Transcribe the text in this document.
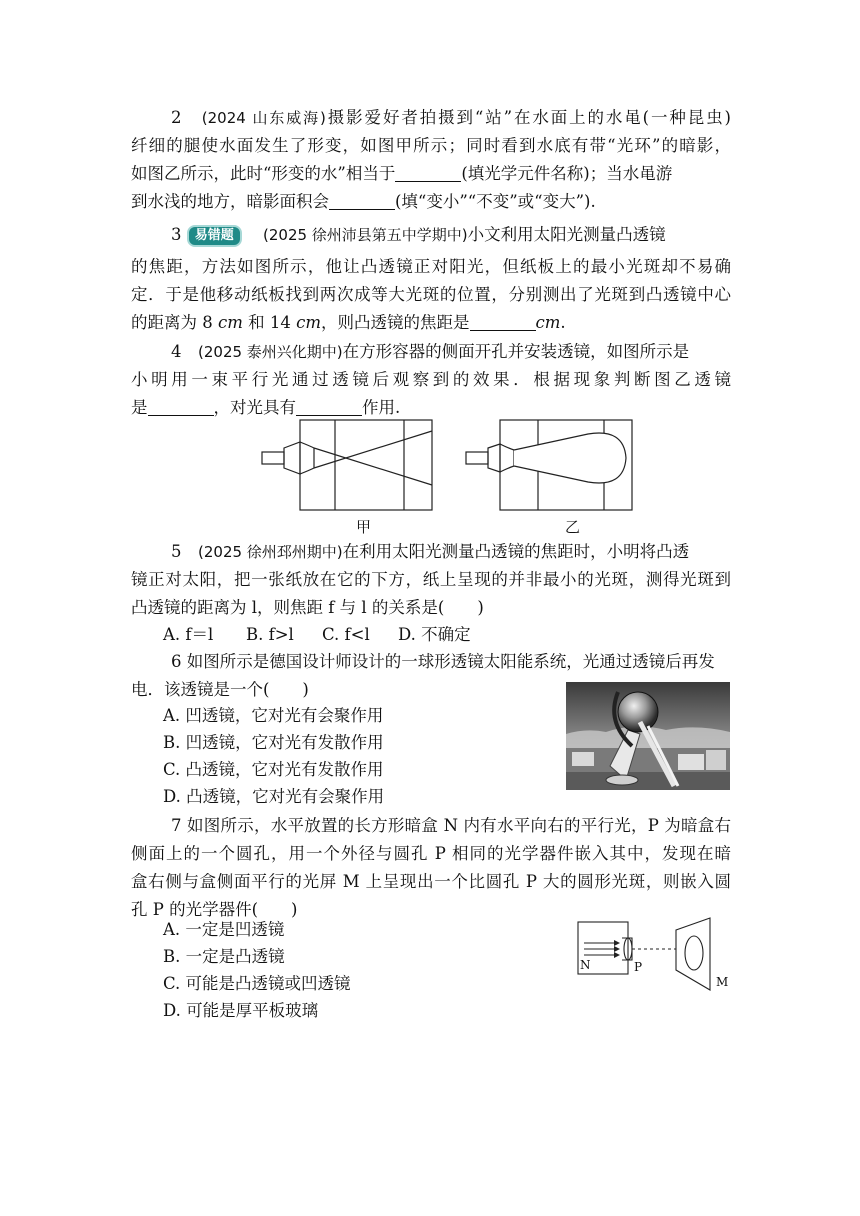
2　 (2024 山东威海)摄影爱好者拍摄到“站”在水面上的水黾(一种昆虫)
纤细的腿使水面发生了形变，如图甲所示；同时看到水底有带“光环”的暗影，
如图乙所示，此时“形变的水”相当于	(填光学元件名称)；当水黾游
到水浅的地方，暗影面积会	(填“变小”“不变”或“变大”).
3 易错题 (2025 徐州沛县第五中学期中)小文利用太阳光测量凸透镜
的焦距，方法如图所示，他让凸透镜正对阳光，但纸板上的最小光斑却不易确
定．于是他移动纸板找到两次成等大光斑的位置，分别测出了光斑到凸透镜中心
的距离为 8 cm 和 14 cm，则凸透镜的焦距是	cm.
4　 (2025 泰州兴化期中)在方形容器的侧面开孔并安装透镜，如图所示是
小明用一束平行光通过透镜后观察到的效果．根据现象判断图乙透镜
是	，对光具有	作用.
甲	乙
5　 (2025 徐州邳州期中)在利用太阳光测量凸透镜的焦距时，小明将凸透
镜正对太阳，把一张纸放在它的下方，纸上呈现的并非最小的光斑，测得光斑到
凸透镜的距离为 l，则焦距 f 与 l 的关系是(　　)
A. f＝l B. f>l C. f<l D. 不确定
6 如图所示是德国设计师设计的一球形透镜太阳能系统，光通过透镜后再发
电．该透镜是一个(　　)
A. 凹透镜，它对光有会聚作用
B. 凹透镜，它对光有发散作用
C. 凸透镜，它对光有发散作用
D. 凸透镜，它对光有会聚作用
7 如图所示，水平放置的长方形暗盒 N 内有水平向右的平行光，P 为暗盒右
侧面上的一个圆孔，用一个外径与圆孔 P 相同的光学器件嵌入其中，发现在暗
盒右侧与盒侧面平行的光屏 M 上呈现出一个比圆孔 P 大的圆形光斑，则嵌入圆
孔 P 的光学器件(　　)
A. 一定是凹透镜
B. 一定是凸透镜
C. 可能是凸透镜或凹透镜
D. 可能是厚平板玻璃
N	P
M
